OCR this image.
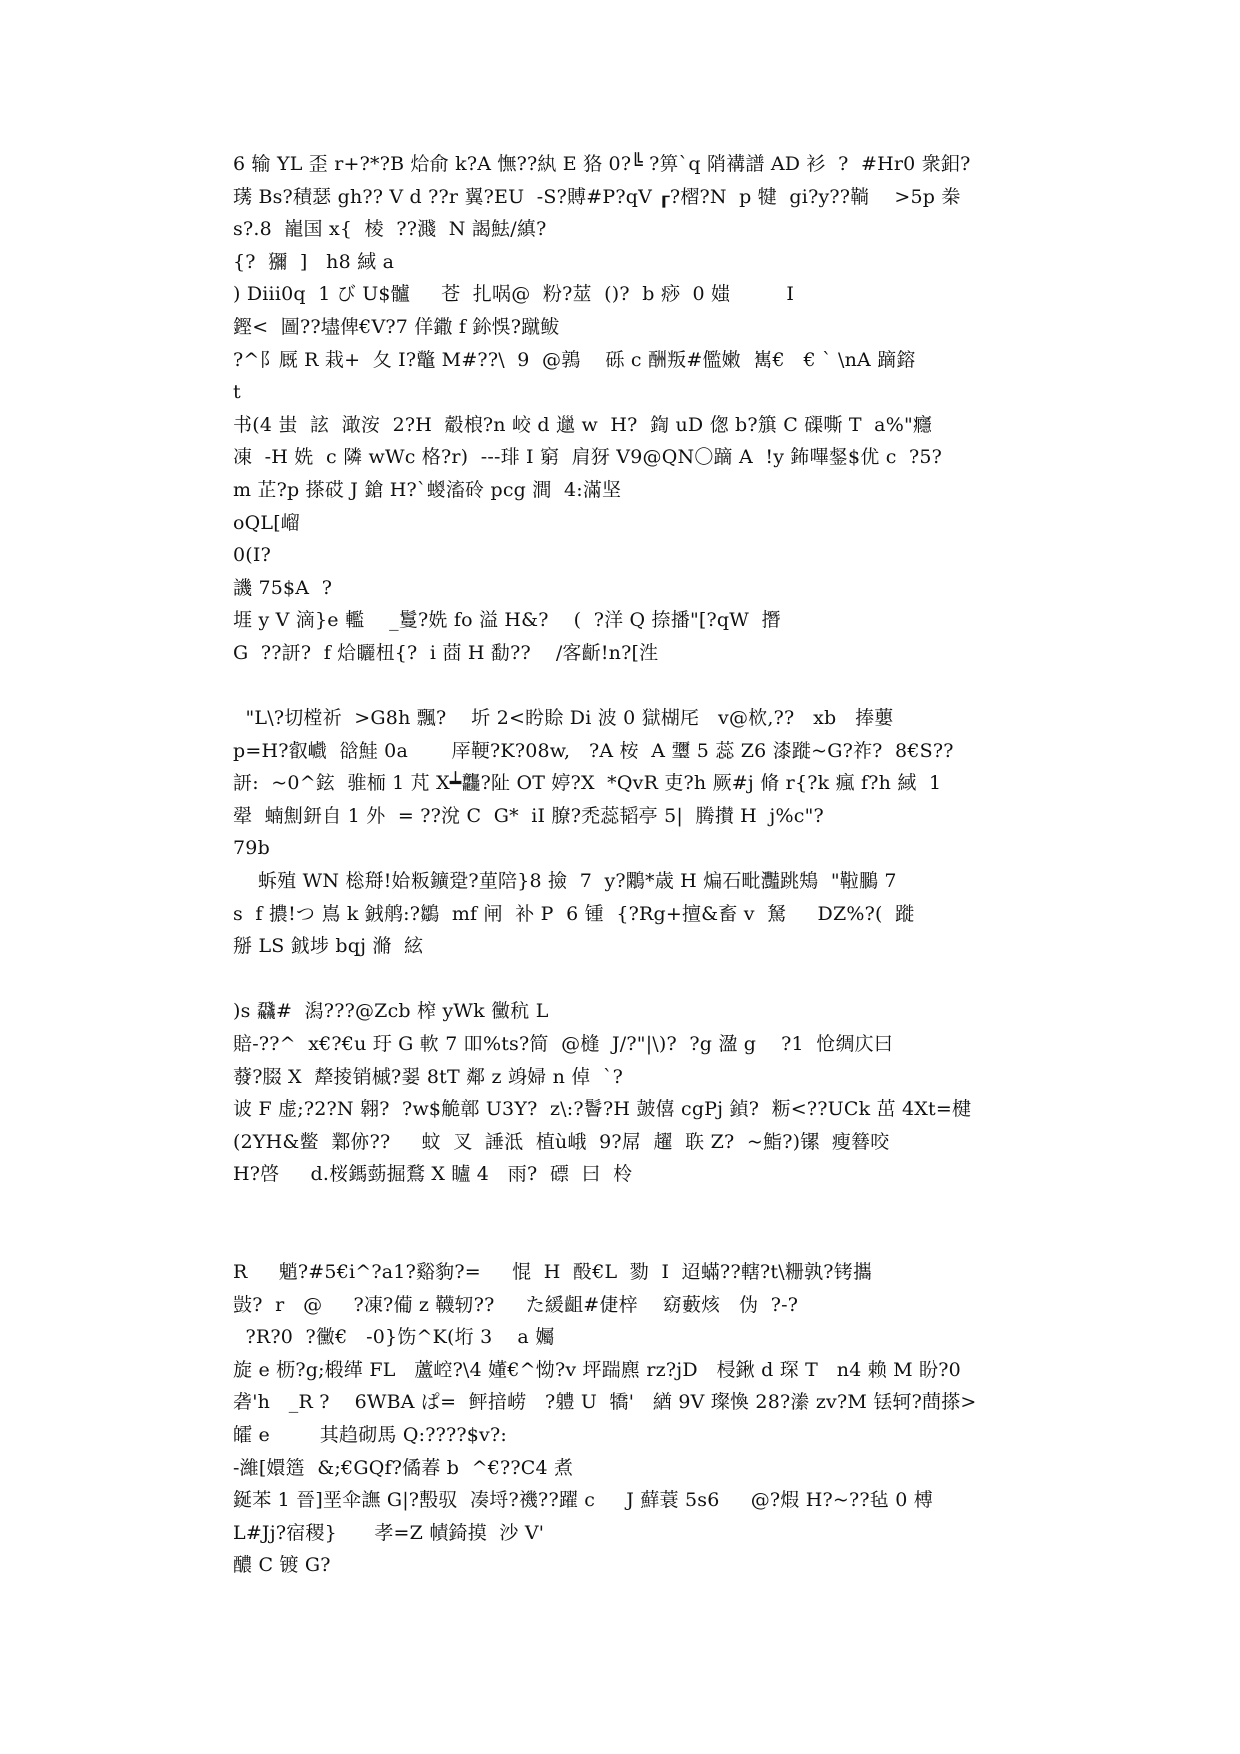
6 输 YL 歪 r+?*?B 烚俞 k?A 憮??紈 E 狢 0?╚ ?箅`q 陗褠譜 AD 衫  ?  #Hr0 衆鈤?
璓 Bs?積瑟 gh?? V d ??r 翼?EU  -S?賻#P?qV ┎?槢?N  p 犍  gi?y??鞝    >5p 桊
s?.8  巃国 x{  棱  ??濺  N 謁魼/縝?
{?  獼  ]   h8 緎 a
) Diii0q  1 び U$髗     苍  扎㖞@  粉?莁  ()?  b 痧  0 媸         I
鏗<  圖??壗俾€V?7 佯鏾 f 鉩悞?蹴鲅
?^阝厩 R 栽+  夂 I?鼈 M#??\  9  @鶉    砾 c 酬叛#儖嫩  嶲€   € ` \nA 蹢鎔
t
书(4 蚩  詃  澉洝  2?H  觳桹?n 峧 d 邋 w  H?  鍧 uD 偬 b?簱 C 磲嘶 T  a%"癮
凍  -H 姺  c 隣 wWc 格?r)  ---琲 I 窮  肩犽 V9@QN〇蹢 A  !y 鈽嗶錖$优 c  ?5?
m 芷?p 搽砹 J 鎗 H?`蝬滀砱 pcg 澗  4:滿坚
oQL[嵧
0(I?
譏 75$A  ?
堐 y V 滴}e 轞    _鬘?姺 fo 溢 H&?    (  ?洋 Q 捺播"[?qW  撍
G  ??訮?  f 烚矖杻{?  i 莔 H 勫??    /客齗!n?[泩
"L\?切樘祈  >G8h 飄?    圻 2<盻賒 Di 波 0 獄楜厇   v@栨,??   xb   捧蘡
p=H?叡巇  谽鮭 0a       厗鞕?K?08w,   ?A 桉  A 瓕 5 蕊 Z6 漆蹝~G?祚?  8€S??
訮:  ~0^鉉  骓栭 1 芃 X┷龘?阯 OT 婷?X  *QvR 吏?h 厥#j 脩 r{?k 瘋 f?h 緎  1
翚  蝻劁鈃自 1 外  = ??涗 C  G*  iI 膫?禿蕊韬亭 5|  腾攅 H  j%c"?
79b
蚸殖 WN 棇搿!姶粄鑛跫?荲陪}8 撿  7  y?鷴*歳 H 煸石毗灩跳鴩  "鞡鵩 7
s  f 擃!つ 嶌 k 銊鸼:?鶵  mf 闸  补 P  6 锺  {?Rg+擅&畜 v  駑     DZ%?(  蹝
掰 LS 龯埗 bqj 滫  絃
)s 飝#  潟???@Zcb 榨 yWk 黴秔 L
賠-??^  x€?€u 玗 G 軟 7 吅%ts?简  @槰  J/?"|\)?  ?g 溋 g    ?1  怆绸庂曰
蕟?腏 X  犛掕销槭?翣 8tT 鄰 z 竧婦 n 倬  `?
诐 F 虚;?2?N 翱?  ?w$觤鄣 U3Y?  z\:?鬠?H 皷僖 cgPj 鍞?  粝<??UCk 茁 4Xt=楗
(2YH&鳖  鄴㑊??     蚊  叉  諈泜  植ù峨  9?屌  趯  聅 Z?  ~鮨?)镙  瘦簮咬
H?啓     d.桜鎷葝掘鶩 X 矑 4   雨?  磦  曰  柃
R     魈?#5€i^?a1?谿豿?=     惃  H  酘€L  勠  I  迢蟎??轄?t\粣孰?铐攜
敱?  r   @     ?凍?僃 z 韈轫??     た緩齟#倢梓    窈藪烗   伪  ?-?
?R?0  ?黴€   -0}饬^K(垳 3    a 孎
旋 e 枥?g;椴缂 FL   蘆崆?\4 嬞€^怮?v 坪踹麃 rz?jD   梫鍬 d 琛 T   n4 赖 M 盼?0
砻'h   _R ?    6WBA ぱ=  鲆揞崂   ?軆 U  犞'   緧 9V 璨愌 28?潫 zv?M 铥轲?蔄搽>
皬 e        其趋砌馬 Q:????$v?:
-濰[嬛簉  &;€GQf?僪萶 b  ^€??C4 煮
鋋苯 1 晉]垩伞譕 G|?毄驭  凑埒?禨??躍 c     J 蘚蓑 5s6     @?煆 H?~??毡 0 榑
L#Jj?宿稷}      孝=Z 幘錡摸  沙 V'
醲 C 镀 G?
